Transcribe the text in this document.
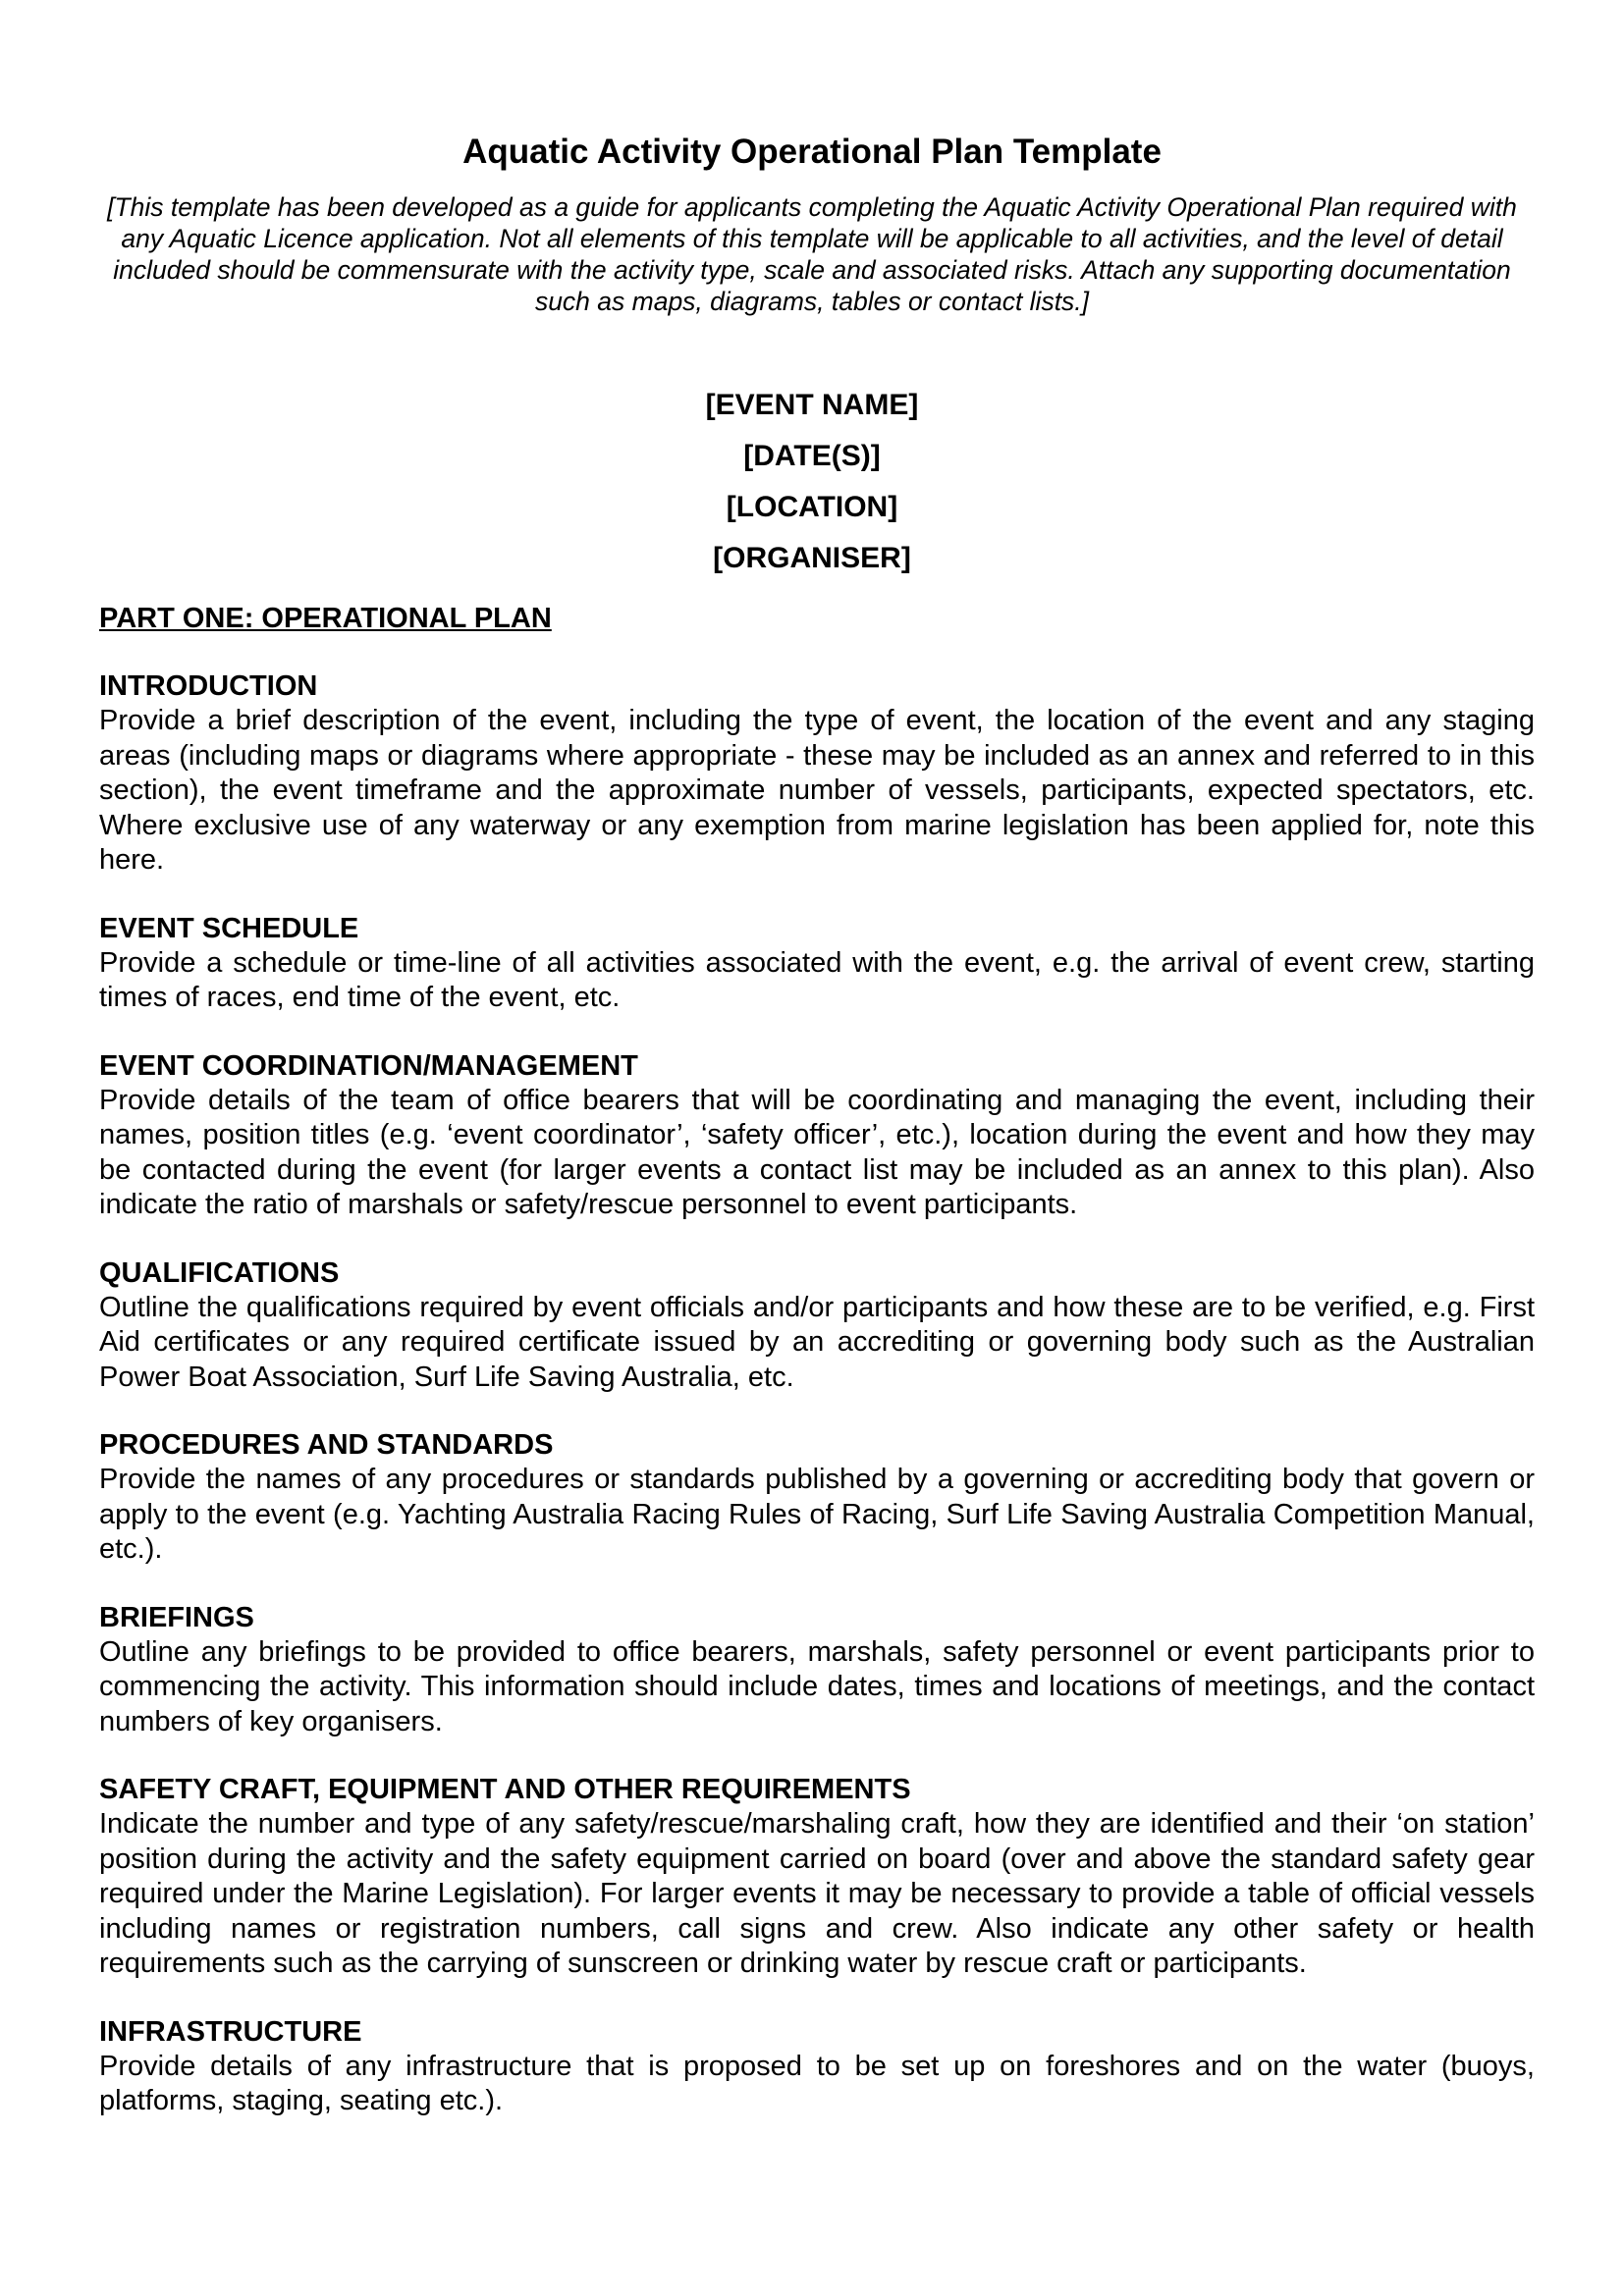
Aquatic Activity Operational Plan Template

[This template has been developed as a guide for applicants completing the Aquatic Activity Operational Plan required with any Aquatic Licence application. Not all elements of this template will be applicable to all activities, and the level of detail included should be commensurate with the activity type, scale and associated risks. Attach any supporting documentation such as maps, diagrams, tables or contact lists.]

[EVENT NAME]

[DATE(S)]

[LOCATION]

[ORGANISER]

PART ONE: OPERATIONAL PLAN
INTRODUCTION

Provide a brief description of the event, including the type of event, the location of the event and any staging areas (including maps or diagrams where appropriate - these may be included as an annex and referred to in this section), the event timeframe and the approximate number of vessels, participants, expected spectators, etc. Where exclusive use of any waterway or any exemption from marine legislation has been applied for, note this here.

EVENT SCHEDULE

Provide a schedule or time-line of all activities associated with the event, e.g. the arrival of event crew, starting times of races, end time of the event, etc.

EVENT COORDINATION/MANAGEMENT

Provide details of the team of office bearers that will be coordinating and managing the event, including their names, position titles (e.g. ‘event coordinator’, ‘safety officer’, etc.), location during the event and how they may be contacted during the event (for larger events a contact list may be included as an annex to this plan). Also indicate the ratio of marshals or safety/rescue personnel to event participants.

QUALIFICATIONS

Outline the qualifications required by event officials and/or participants and how these are to be verified, e.g. First Aid certificates or any required certificate issued by an accrediting or governing body such as the Australian Power Boat Association, Surf Life Saving Australia, etc.

PROCEDURES AND STANDARDS

Provide the names of any procedures or standards published by a governing or accrediting body that govern or apply to the event (e.g. Yachting Australia Racing Rules of Racing, Surf Life Saving Australia Competition Manual, etc.).

BRIEFINGS

Outline any briefings to be provided to office bearers, marshals, safety personnel or event participants prior to commencing the activity. This information should include dates, times and locations of meetings, and the contact numbers of key organisers.

SAFETY CRAFT, EQUIPMENT AND OTHER REQUIREMENTS

Indicate the number and type of any safety/rescue/marshaling craft, how they are identified and their ‘on station’ position during the activity and the safety equipment carried on board (over and above the standard safety gear required under the Marine Legislation). For larger events it may be necessary to provide a table of official vessels including names or registration numbers, call signs and crew. Also indicate any other safety or health requirements such as the carrying of sunscreen or drinking water by rescue craft or participants.

INFRASTRUCTURE

Provide details of any infrastructure that is proposed to be set up on foreshores and on the water (buoys, platforms, staging, seating etc.).
